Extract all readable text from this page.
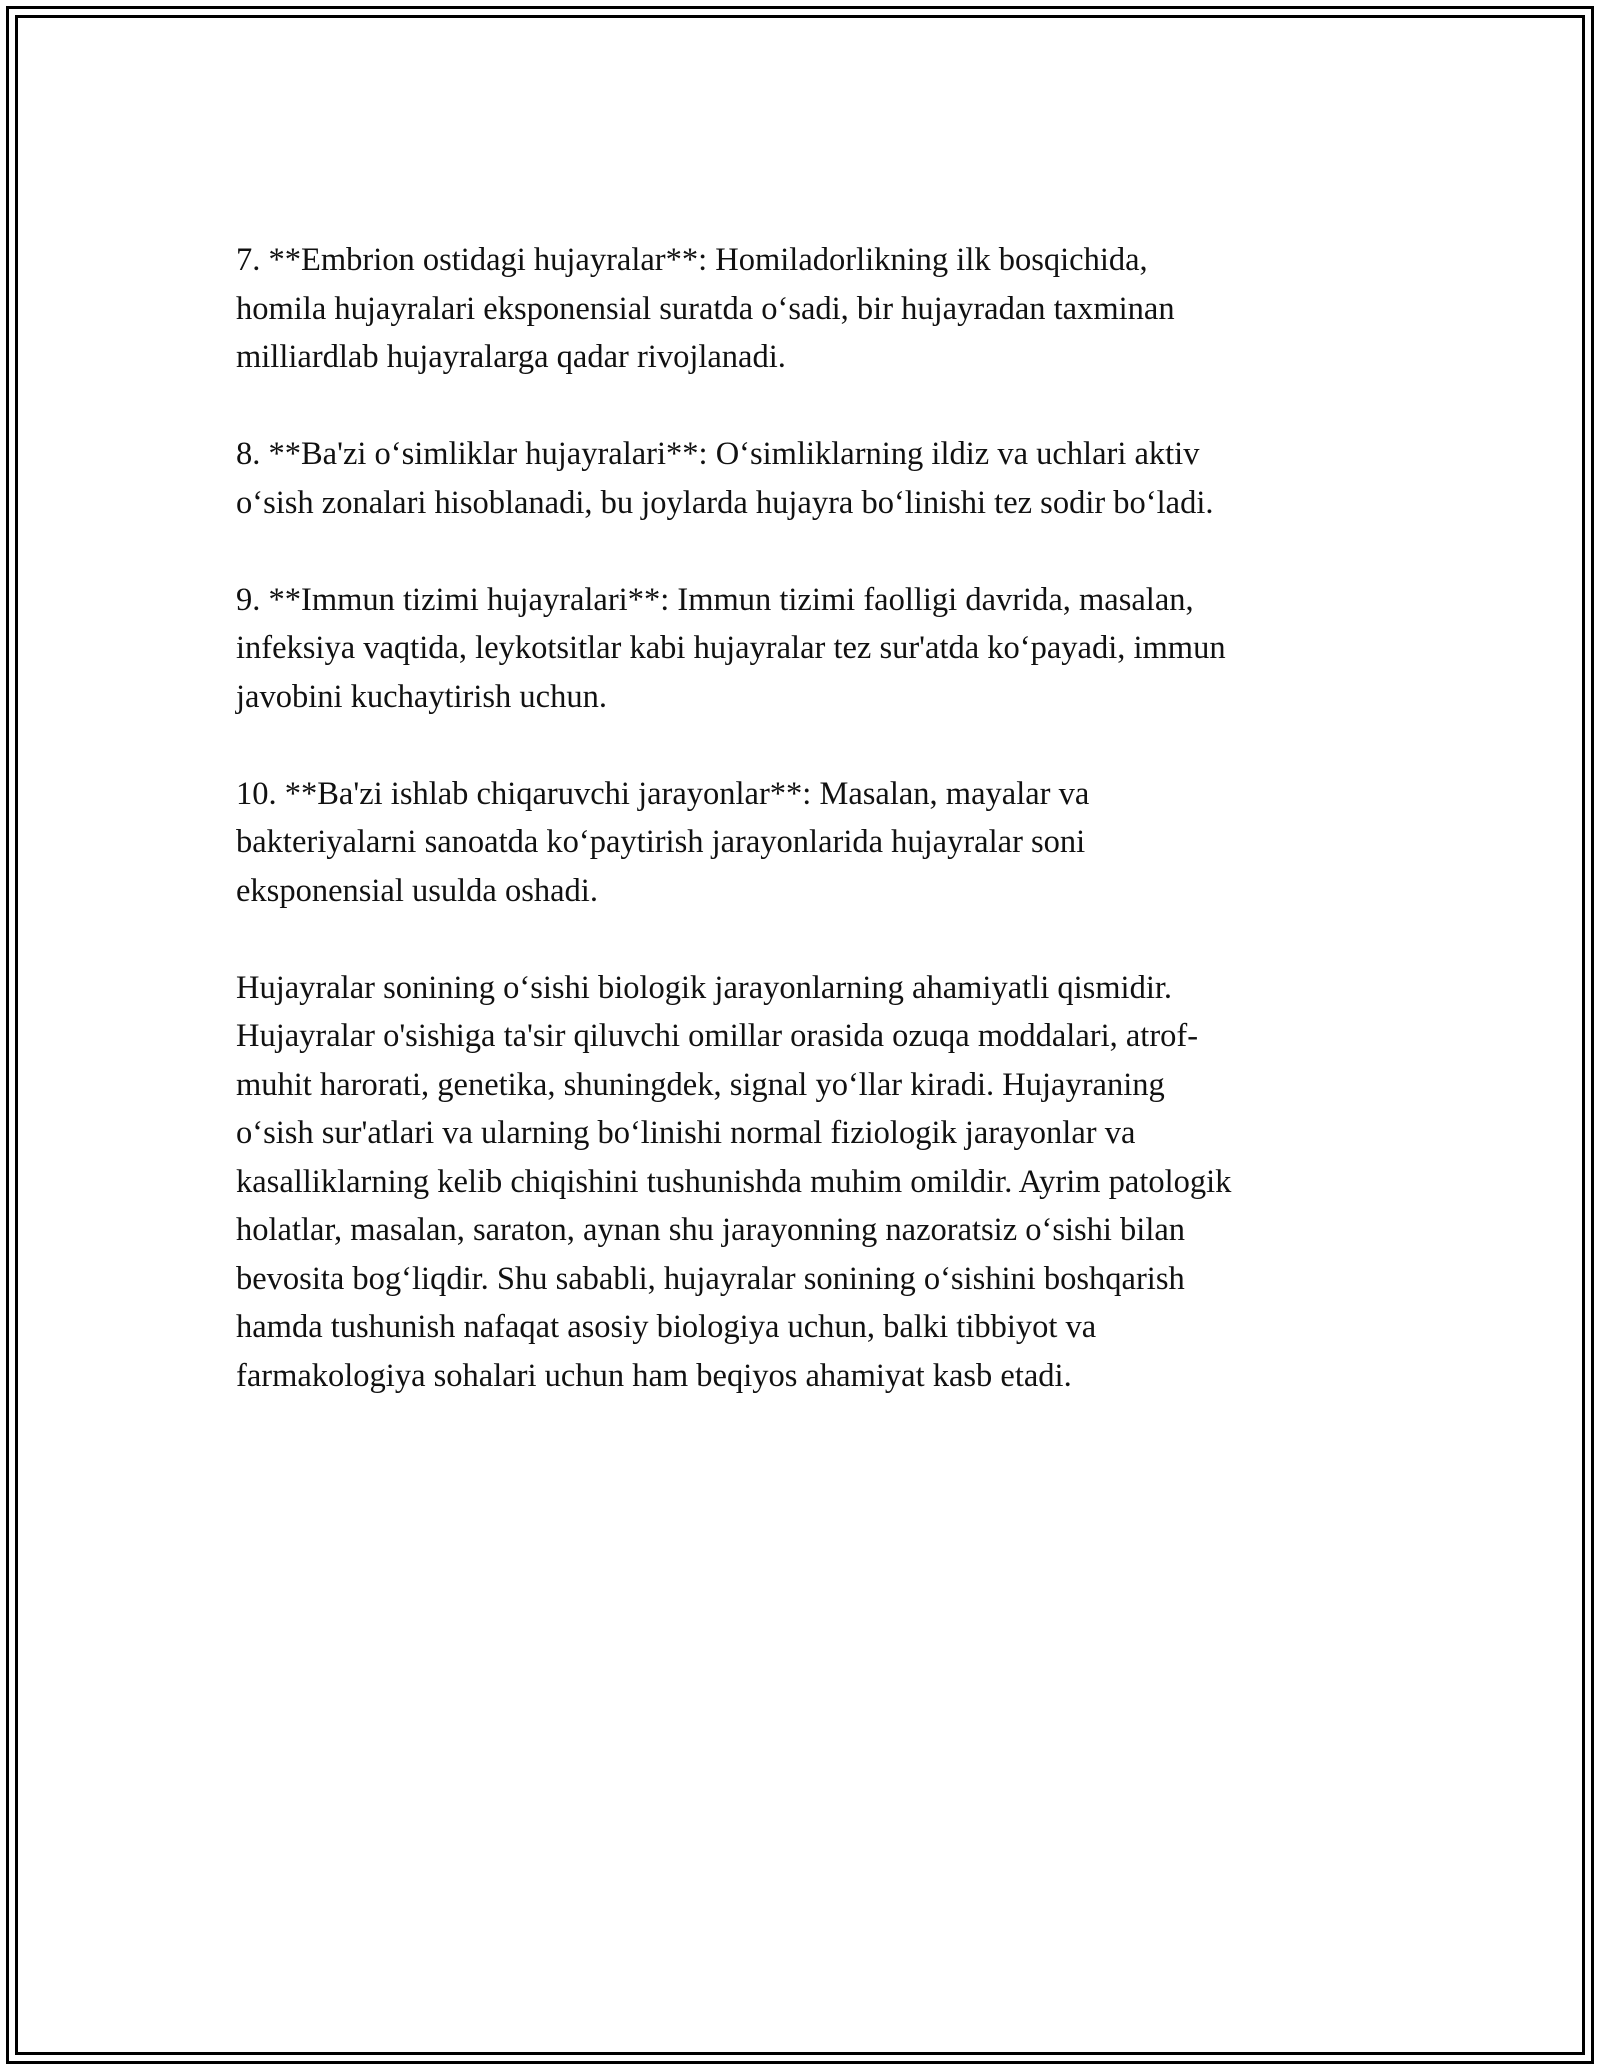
7. **Embrion ostidagi hujayralar**: Homiladorlikning ilk bosqichida,
homila hujayralari eksponensial suratda o‘sadi, bir hujayradan taxminan
milliardlab hujayralarga qadar rivojlanadi.

8. **Ba'zi o‘simliklar hujayralari**: O‘simliklarning ildiz va uchlari aktiv
o‘sish zonalari hisoblanadi, bu joylarda hujayra bo‘linishi tez sodir bo‘ladi.

9. **Immun tizimi hujayralari**: Immun tizimi faolligi davrida, masalan,
infeksiya vaqtida, leykotsitlar kabi hujayralar tez sur'atda ko‘payadi, immun
javobini kuchaytirish uchun.

10. **Ba'zi ishlab chiqaruvchi jarayonlar**: Masalan, mayalar va
bakteriyalarni sanoatda ko‘paytirish jarayonlarida hujayralar soni
eksponensial usulda oshadi.

Hujayralar sonining o‘sishi biologik jarayonlarning ahamiyatli qismidir.
Hujayralar o'sishiga ta'sir qiluvchi omillar orasida ozuqa moddalari, atrof-
muhit harorati, genetika, shuningdek, signal yo‘llar kiradi. Hujayraning
o‘sish sur'atlari va ularning bo‘linishi normal fiziologik jarayonlar va
kasalliklarning kelib chiqishini tushunishda muhim omildir. Ayrim patologik
holatlar, masalan, saraton, aynan shu jarayonning nazoratsiz o‘sishi bilan
bevosita bog‘liqdir. Shu sababli, hujayralar sonining o‘sishini boshqarish
hamda tushunish nafaqat asosiy biologiya uchun, balki tibbiyot va
farmakologiya sohalari uchun ham beqiyos ahamiyat kasb etadi.
